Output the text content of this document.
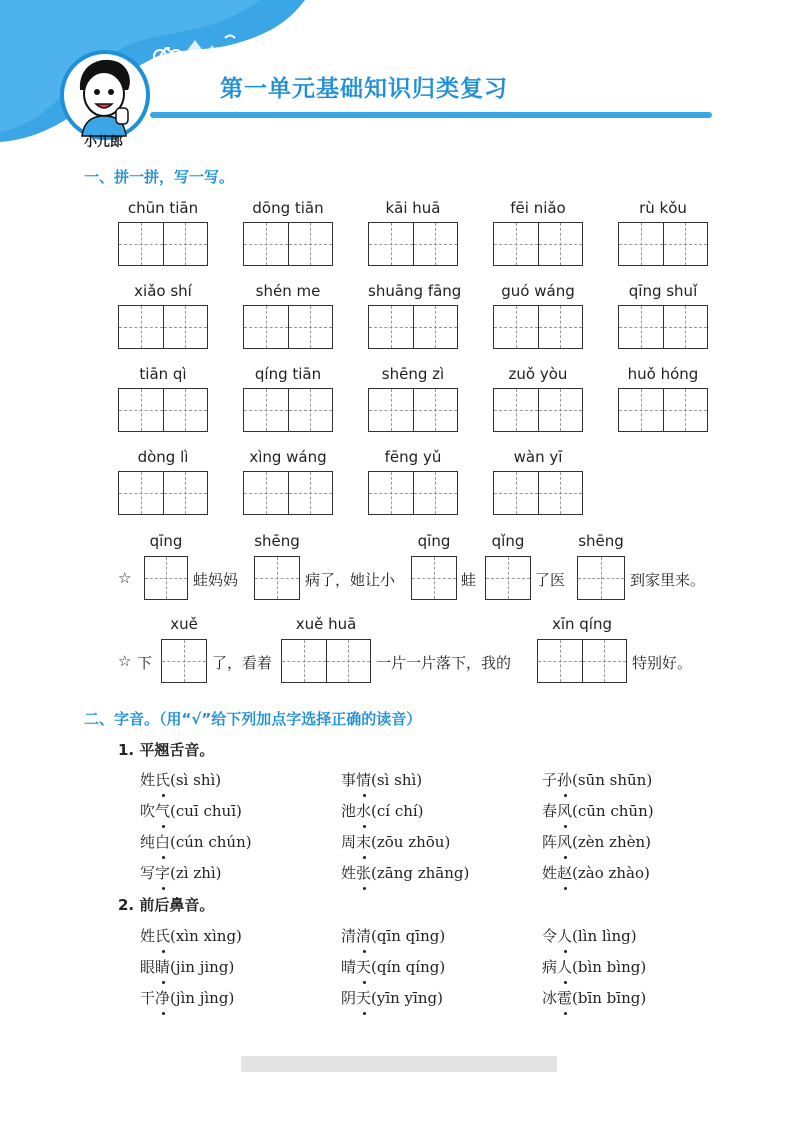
小儿郎
第一单元基础知识归类复习
一、拼一拼，写一写。
chūn tiān	dōng tiān	kāi huā	fēi niǎo	rù kǒu
xiǎo shí	shén me	shuāng fāng	guó wáng	qīng shuǐ
tiān qì	qíng tiān	shēng zì	zuǒ yòu	huǒ hóng
dòng lì	xìng wáng	fēng yǔ	wàn yī
qīng	shēng	qīng	qǐng	shēng
☆	蛙妈妈	病了，她让小	蛙	了医	到家里来。
xuě	xuě huā	xīn qíng
☆ 下	了，看着	一片一片落下，我的	特别好。
二、字音。（用“√”给下列加点字选择正确的读音）
1. 平翘舌音。
姓氏(sì shì)	事情(sì shì)	子孙(sūn shūn)
吹气(cuī chuī)	池水(cí chí)	春风(cūn chūn)
纯白(cún chún)	周末(zōu zhōu)	阵风(zèn zhèn)
写字(zì zhì)	姓张(zāng zhāng)	姓赵(zào zhào)
2. 前后鼻音。
姓氏(xìn xìng)	清清(qīn qīng)	令人(lìn lìng)
眼睛(jin jing)	晴天(qín qíng)	病人(bìn bìng)
干净(jìn jìng)	阴天(yīn yīng)	冰雹(bīn bīng)
